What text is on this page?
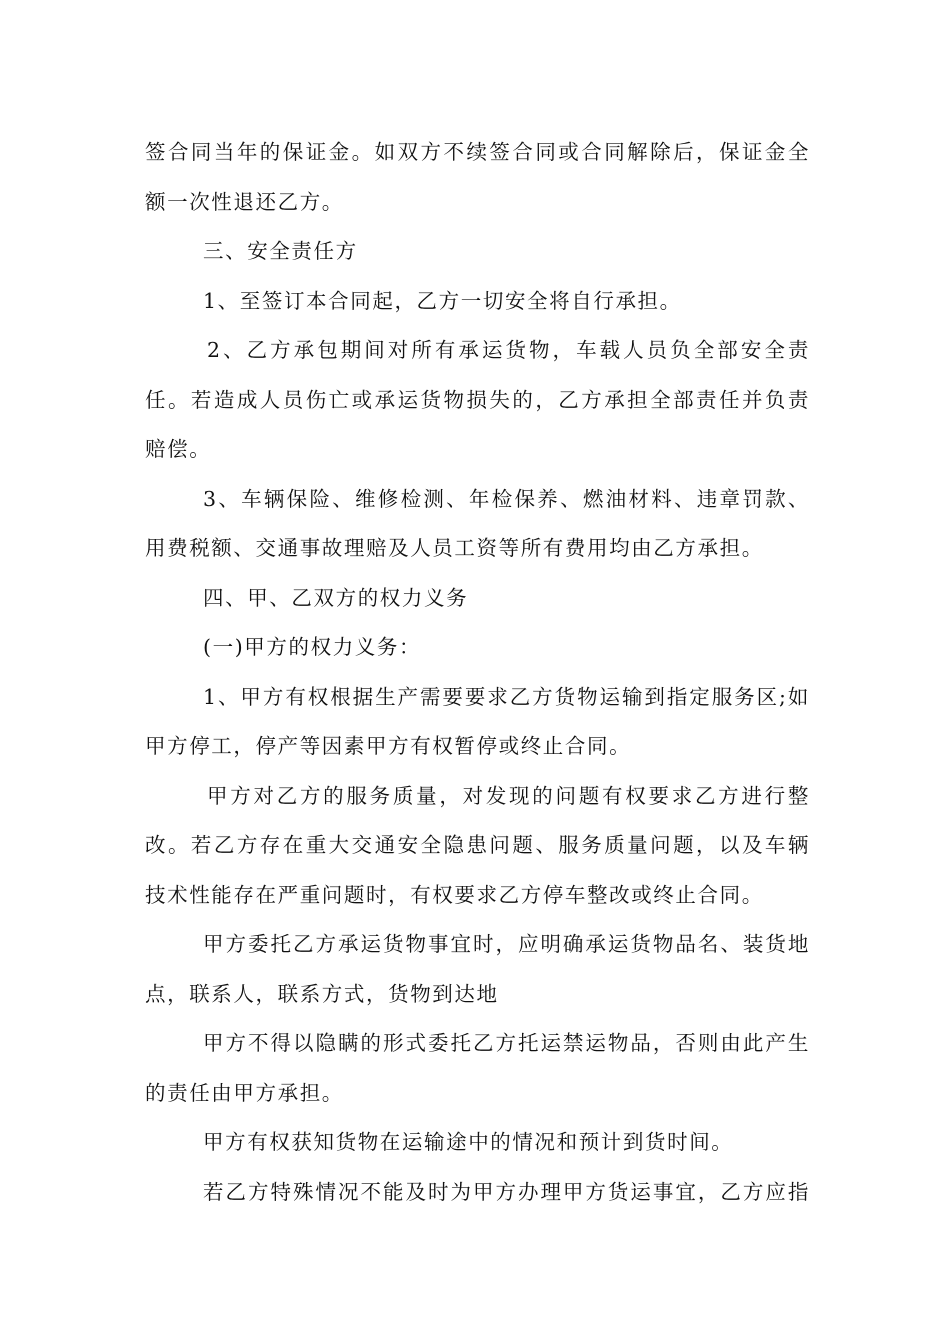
签合同当年的保证金。如双方不续签合同或合同解除后，保证金全
额一次性退还乙方。
三、安全责任方
1、至签订本合同起，乙方一切安全将自行承担。
2、乙方承包期间对所有承运货物，车载人员负全部安全责
任。若造成人员伤亡或承运货物损失的，乙方承担全部责任并负责
赔偿。
3、车辆保险、维修检测、年检保养、燃油材料、违章罚款、
用费税额、交通事故理赔及人员工资等所有费用均由乙方承担。
四、甲、乙双方的权力义务
(一)甲方的权力义务：
1、甲方有权根据生产需要要求乙方货物运输到指定服务区;如
甲方停工，停产等因素甲方有权暂停或终止合同。
甲方对乙方的服务质量，对发现的问题有权要求乙方进行整
改。若乙方存在重大交通安全隐患问题、服务质量问题，以及车辆
技术性能存在严重问题时，有权要求乙方停车整改或终止合同。
甲方委托乙方承运货物事宜时，应明确承运货物品名、装货地
点，联系人，联系方式，货物到达地
甲方不得以隐瞒的形式委托乙方托运禁运物品，否则由此产生
的责任由甲方承担。
甲方有权获知货物在运输途中的情况和预计到货时间。
若乙方特殊情况不能及时为甲方办理甲方货运事宜，乙方应指
